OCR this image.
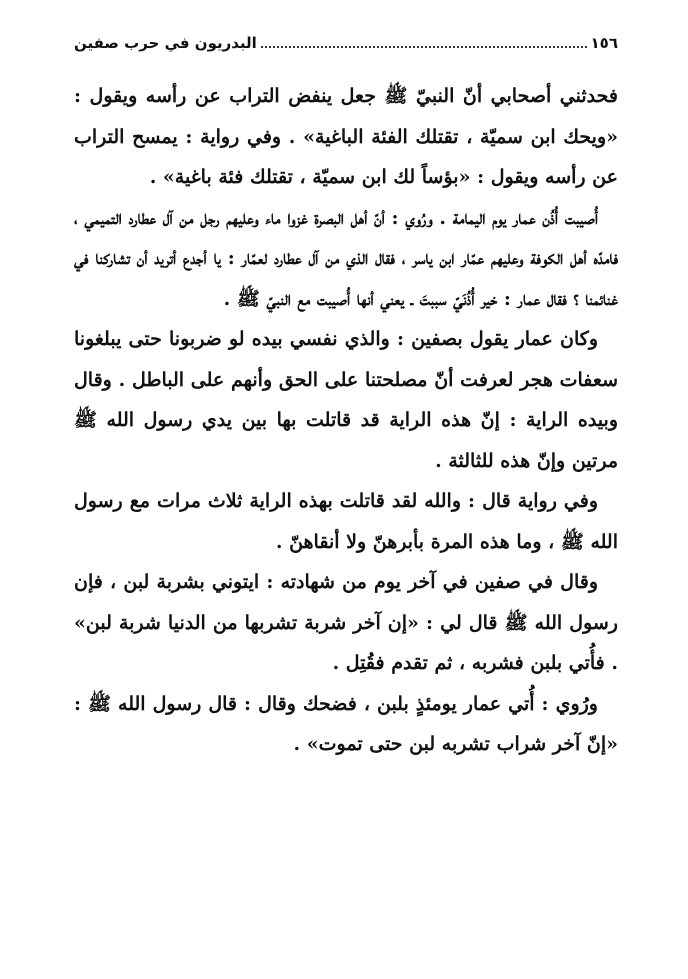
١٥٦
البدريون في حرب صفين

فحدثني أصحابي أنّ النبيّ ﷺ جعل ينفض التراب عن رأسه ويقول : «ويحك ابن سميّة ، تقتلك الفئة الباغية» . وفي رواية : يمسح التراب عن رأسه ويقول : «بؤساً لك ابن سميّة ، تقتلك فئة باغية» .

أُصيبت أُذُن عمار يوم اليمامة . ورُوي : أنّ أهل البصرة غزوا ماء وعليهم رجل من آل عطارد التميمي ، فامدّه أهل الكوفة وعليهم عمّار ابن ياسر ، فقال الذي من آل عطارد لعمّار : يا أجدع أتريد أن تشاركنا في غنائمنا ؟ فقال عمار : خير أُذُنَيّ سببتَ ـ يعني أنها أُصيبت مع النبيّ ﷺ .

وكان عمار يقول بصفين : والذي نفسي بيده لو ضربونا حتى يبلغونا سعفات هجر لعرفت أنّ مصلحتنا على الحق وأنهم على الباطل . وقال وبيده الراية : إنّ هذه الراية قد قاتلت بها بين يدي رسول الله ﷺ مرتين وإنّ هذه للثالثة .

وفي رواية قال : والله لقد قاتلت بهذه الراية ثلاث مرات مع رسول الله ﷺ ، وما هذه المرة بأبرهنّ ولا أنقاهنّ .

وقال في صفين في آخر يوم من شهادته : ايتوني بشربة لبن ، فإن رسول الله ﷺ قال لي : «إن آخر شربة تشربها من الدنيا شربة لبن» . فأُتي بلبن فشربه ، ثم تقدم فقُتِل .

ورُوي : أُتي عمار يومئذٍ بلبن ، فضحك وقال : قال رسول الله ﷺ : «إنّ آخر شراب تشربه لبن حتى تموت» .
